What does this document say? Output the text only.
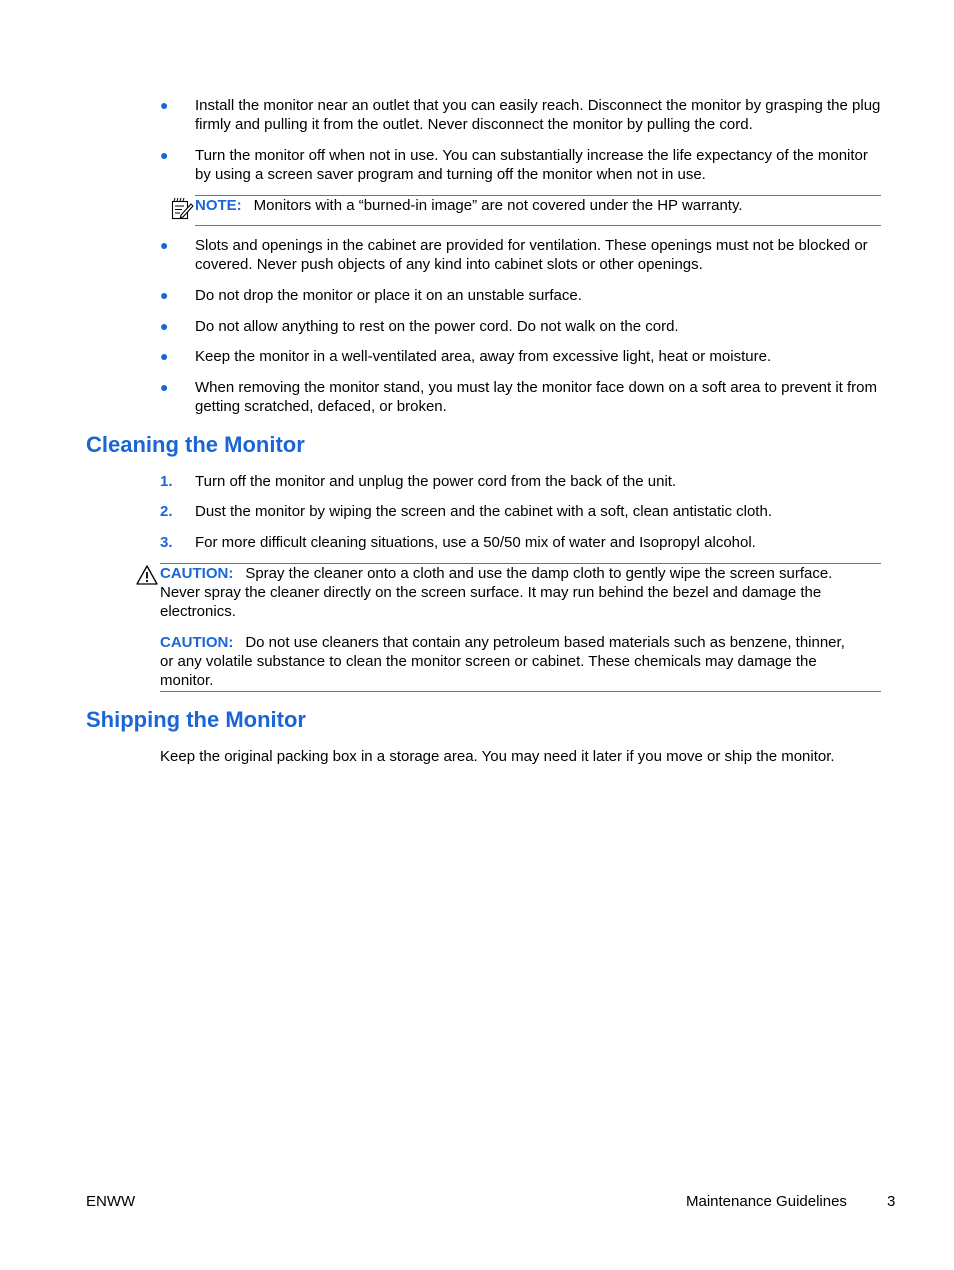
● Install the monitor near an outlet that you can easily reach. Disconnect the monitor by grasping the plug firmly and pulling it from the outlet. Never disconnect the monitor by pulling the cord.
● Turn the monitor off when not in use. You can substantially increase the life expectancy of the monitor by using a screen saver program and turning off the monitor when not in use.
NOTE: Monitors with a “burned-in image” are not covered under the HP warranty.
● Slots and openings in the cabinet are provided for ventilation. These openings must not be blocked or covered. Never push objects of any kind into cabinet slots or other openings.
● Do not drop the monitor or place it on an unstable surface.
● Do not allow anything to rest on the power cord. Do not walk on the cord.
● Keep the monitor in a well-ventilated area, away from excessive light, heat or moisture.
● When removing the monitor stand, you must lay the monitor face down on a soft area to prevent it from getting scratched, defaced, or broken.
Cleaning the Monitor
1. Turn off the monitor and unplug the power cord from the back of the unit.
2. Dust the monitor by wiping the screen and the cabinet with a soft, clean antistatic cloth.
3. For more difficult cleaning situations, use a 50/50 mix of water and Isopropyl alcohol.
CAUTION: Spray the cleaner onto a cloth and use the damp cloth to gently wipe the screen surface. Never spray the cleaner directly on the screen surface. It may run behind the bezel and damage the electronics.
CAUTION: Do not use cleaners that contain any petroleum based materials such as benzene, thinner, or any volatile substance to clean the monitor screen or cabinet. These chemicals may damage the monitor.
Shipping the Monitor
Keep the original packing box in a storage area. You may need it later if you move or ship the monitor.
ENWW	Maintenance Guidelines	3
